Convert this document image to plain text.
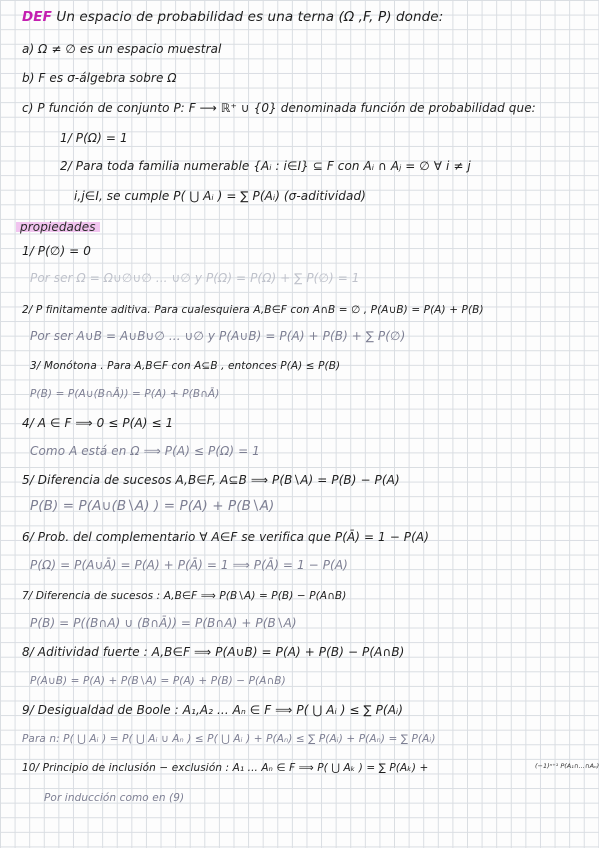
DEF Un espacio de probabilidad es una terna (Ω ,F, P) donde:
a) Ω ≠ ∅ es un espacio muestral
b) F es σ-álgebra sobre Ω
c) P función de conjunto P: F ⟶ ℝ⁺ ∪ {0} denominada función de probabilidad que:
1/ P(Ω) = 1
2/ Para toda familia numerable {Aᵢ : i∈I} ⊆ F con Aᵢ ∩ Aⱼ = ∅ ∀ i ≠ j
i,j∈I, se cumple P( ⋃ Aᵢ ) = ∑ P(Aᵢ) (σ-aditividad)
propiedades
1/ P(∅) = 0
Por ser Ω = Ω∪∅∪∅ ... ∪∅ y P(Ω) = P(Ω) + ∑ P(∅) = 1
2/ P finitamente aditiva. Para cualesquiera A,B∈F con A∩B = ∅ , P(A∪B) = P(A) + P(B)
Por ser A∪B = A∪B∪∅ ... ∪∅ y P(A∪B) = P(A) + P(B) + ∑ P(∅)
3/ Monótona . Para A,B∈F con A⊆B , entonces P(A) ≤ P(B)
P(B) = P(A∪(B∩Ā)) = P(A) + P(B∩Ā)
4/ A ∈ F ⟹ 0 ≤ P(A) ≤ 1
Como A está en Ω ⟹ P(A) ≤ P(Ω) = 1
5/ Diferencia de sucesos A,B∈F, A⊆B ⟹ P(B∖A) = P(B) − P(A)
P(B) = P(A∪(B∖A) ) = P(A) + P(B∖A)
6/ Prob. del complementario ∀ A∈F se verifica que P(Ā) = 1 − P(A)
P(Ω) = P(A∪Ā) = P(A) + P(Ā) = 1 ⟹ P(Ā) = 1 − P(A)
7/ Diferencia de sucesos : A,B∈F ⟹ P(B∖A) = P(B) − P(A∩B)
P(B) = P((B∩A) ∪ (B∩Ā)) = P(B∩A) + P(B∖A)
8/ Aditividad fuerte : A,B∈F ⟹ P(A∪B) = P(A) + P(B) − P(A∩B)
P(A∪B) = P(A) + P(B∖A) = P(A) + P(B) − P(A∩B)
9/ Desigualdad de Boole : A₁,A₂ ... Aₙ ∈ F ⟹ P( ⋃ Aᵢ ) ≤ ∑ P(Aᵢ)
Para n: P( ⋃ Aᵢ ) = P( ⋃ Aᵢ ∪ Aₙ ) ≤ P( ⋃ Aᵢ ) + P(Aₙ) ≤ ∑ P(Aᵢ) + P(Aₙ) = ∑ P(Aᵢ)
10/ Principio de inclusión − exclusión : A₁ ... Aₙ ∈ F ⟹ P( ⋃ Aₖ ) = ∑ P(Aₖ) +	(−1)ⁿ⁺¹ P(A₁∩...∩Aₙ)
Por inducción como en (9)
